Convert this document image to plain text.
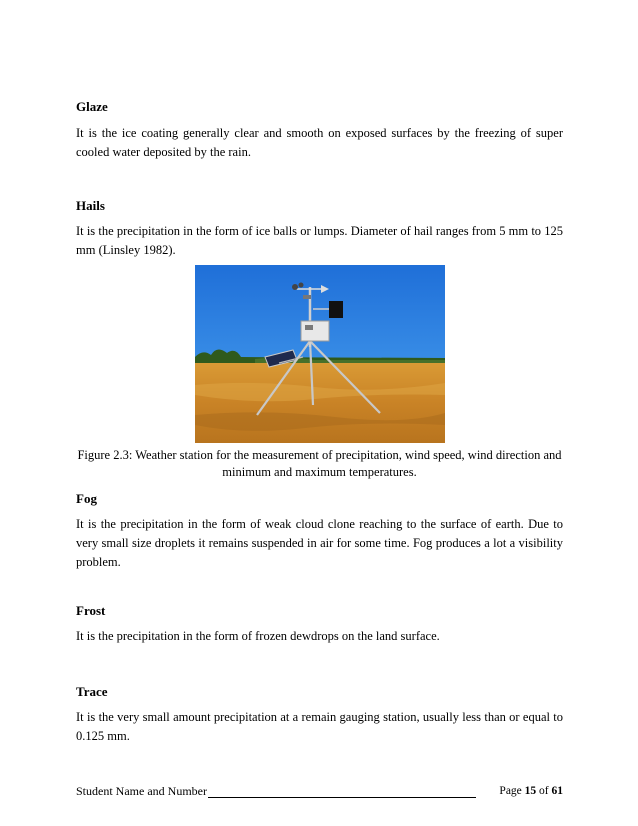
Glaze
It is the ice coating generally clear and smooth on exposed surfaces by the freezing of super cooled water deposited by the rain.
Hails
It is the precipitation in the form of ice balls or lumps. Diameter of hail ranges from 5 mm to 125 mm (Linsley 1982).
Figure 2.3: Weather station for the measurement of precipitation, wind speed, wind direction and minimum and maximum temperatures.
Fog
It is the precipitation in the form of weak cloud clone reaching to the surface of earth. Due to very small size droplets it remains suspended in air for some time. Fog produces a lot a visibility problem.
Frost
It is the precipitation in the form of frozen dewdrops on the land surface.
Trace
It is the very small amount precipitation at a remain gauging station, usually less than or equal to 0.125 mm.
Student Name and Number	Page 15 of 61
